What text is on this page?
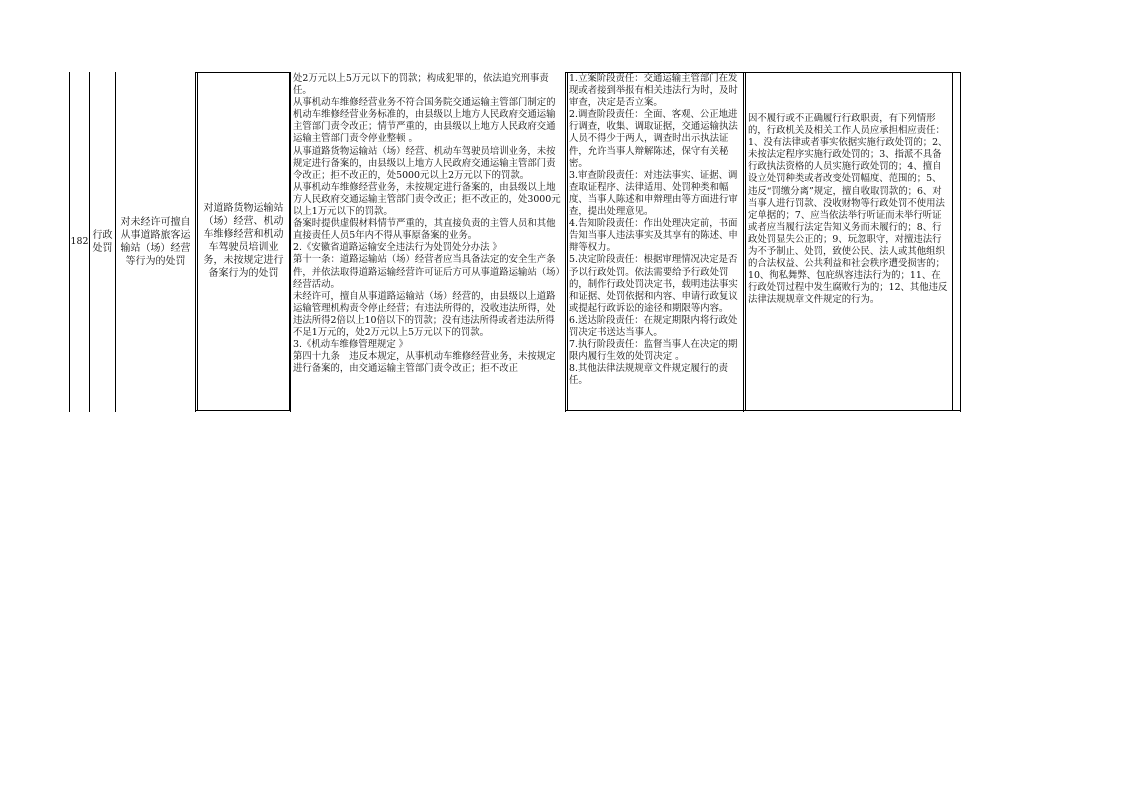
182
行政处罚
对未经许可擅自从事道路旅客运输站（场）经营等行为的处罚
对道路货物运输站（场）经营、机动车维修经营和机动车驾驶员培训业务，未按规定进行备案行为的处罚

处2万元以上5万元以下的罚款；构成犯罪的，依法追究刑事责任。
从事机动车维修经营业务不符合国务院交通运输主管部门制定的机动车维修经营业务标准的，由县级以上地方人民政府交通运输主管部门责令改正；情节严重的，由县级以上地方人民政府交通运输主管部门责令停业整顿 。
从事道路货物运输站（场）经营、机动车驾驶员培训业务，未按规定进行备案的，由县级以上地方人民政府交通运输主管部门责令改正；拒不改正的，处5000元以上2万元以下的罚款。
从事机动车维修经营业务，未按规定进行备案的，由县级以上地方人民政府交通运输主管部门责令改正；拒不改正的，处3000元以上1万元以下的罚款。
备案时提供虚假材料情节严重的，其直接负责的主管人员和其他直接责任人员5年内不得从事原备案的业务。
2.《安徽省道路运输安全违法行为处罚处分办法 》
第十一条：道路运输站（场）经营者应当具备法定的安全生产条件，并依法取得道路运输经营许可证后方可从事道路运输站（场）经营活动。
未经许可，擅自从事道路运输站（场）经营的，由县级以上道路运输管理机构责令停止经营；有违法所得的，没收违法所得，处违法所得2倍以上10倍以下的罚款；没有违法所得或者违法所得不足1万元的，处2万元以上5万元以下的罚款。
3.《机动车维修管理规定 》
第四十九条　违反本规定，从事机动车维修经营业务，未按规定进行备案的，由交通运输主管部门责令改正；拒不改正

1.立案阶段责任：交通运输主管部门在发现或者接到举报有相关违法行为时，及时审查，决定是否立案。
2.调查阶段责任：全面、客观、公正地进行调查，收集、调取证据，交通运输执法人员不得少于两人，调查时出示执法证件，允许当事人辩解陈述，保守有关秘密。
3.审查阶段责任：对违法事实、证据、调查取证程序、法律适用、处罚种类和幅度、当事人陈述和申辩理由等方面进行审查，提出处理意见。
4.告知阶段责任：作出处理决定前，书面告知当事人违法事实及其享有的陈述、申辩等权力。
5.决定阶段责任：根据审理情况决定是否予以行政处罚。依法需要给予行政处罚的，制作行政处罚决定书，载明违法事实和证据、处罚依据和内容、申请行政复议或提起行政诉讼的途径和期限等内容。
6.送达阶段责任：在规定期限内将行政处罚决定书送达当事人。
7.执行阶段责任：监督当事人在决定的期限内履行生效的处罚决定 。
8.其他法律法规规章文件规定履行的责任。

因不履行或不正确履行行政职责，有下列情形的，行政机关及相关工作人员应承担相应责任：1、没有法律或者事实依据实施行政处罚的；2、未按法定程序实施行政处罚的；3、指派不具备行政执法资格的人员实施行政处罚的；4、擅自设立处罚种类或者改变处罚幅度、范围的；5、违反“罚缴分离”规定，擅自收取罚款的；6、对当事人进行罚款、没收财物等行政处罚不使用法定单据的；7、应当依法举行听证而未举行听证或者应当履行法定告知义务而未履行的；8、行政处罚显失公正的；9、玩忽职守，对擅违法行为不予制止、处罚，致使公民、法人或其他组织的合法权益、公共利益和社会秩序遭受损害的；10、徇私舞弊、包庇纵容违法行为的；11、在行政处罚过程中发生腐败行为的；12、其他违反法律法规规章文件规定的行为。
